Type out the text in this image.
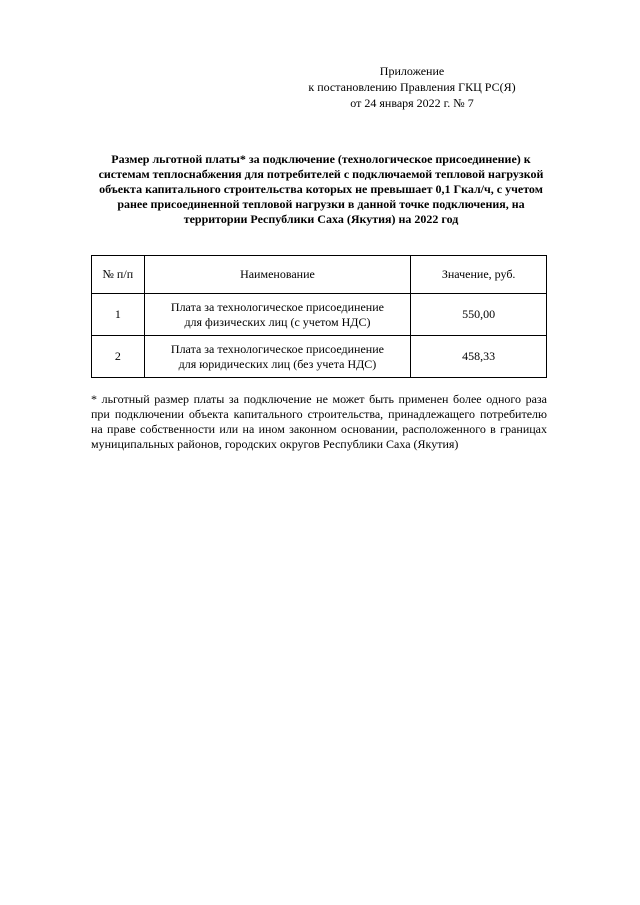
Приложение
к постановлению Правления ГКЦ РС(Я)
от 24 января 2022 г. № 7
Размер льготной платы* за подключение (технологическое присоединение) к
системам теплоснабжения для потребителей с подключаемой тепловой нагрузкой
объекта капитального строительства которых не превышает 0,1 Гкал/ч, с учетом
ранее присоединенной тепловой нагрузки в данной точке подключения, на
территории Республики Саха (Якутия) на 2022 год
№ п/п	Наименование	Значение, руб.
1	Плата за технологическое присоединение
для физических лиц (с учетом НДС)	550,00
2	Плата за технологическое присоединение
для юридических лиц (без учета НДС)	458,33
* льготный размер платы за подключение не может быть применен более одного раза при подключении объекта капитального строительства, принадлежащего потребителю на праве собственности или на ином законном основании, расположенного в границах муниципальных районов, городских округов Республики Саха (Якутия)
